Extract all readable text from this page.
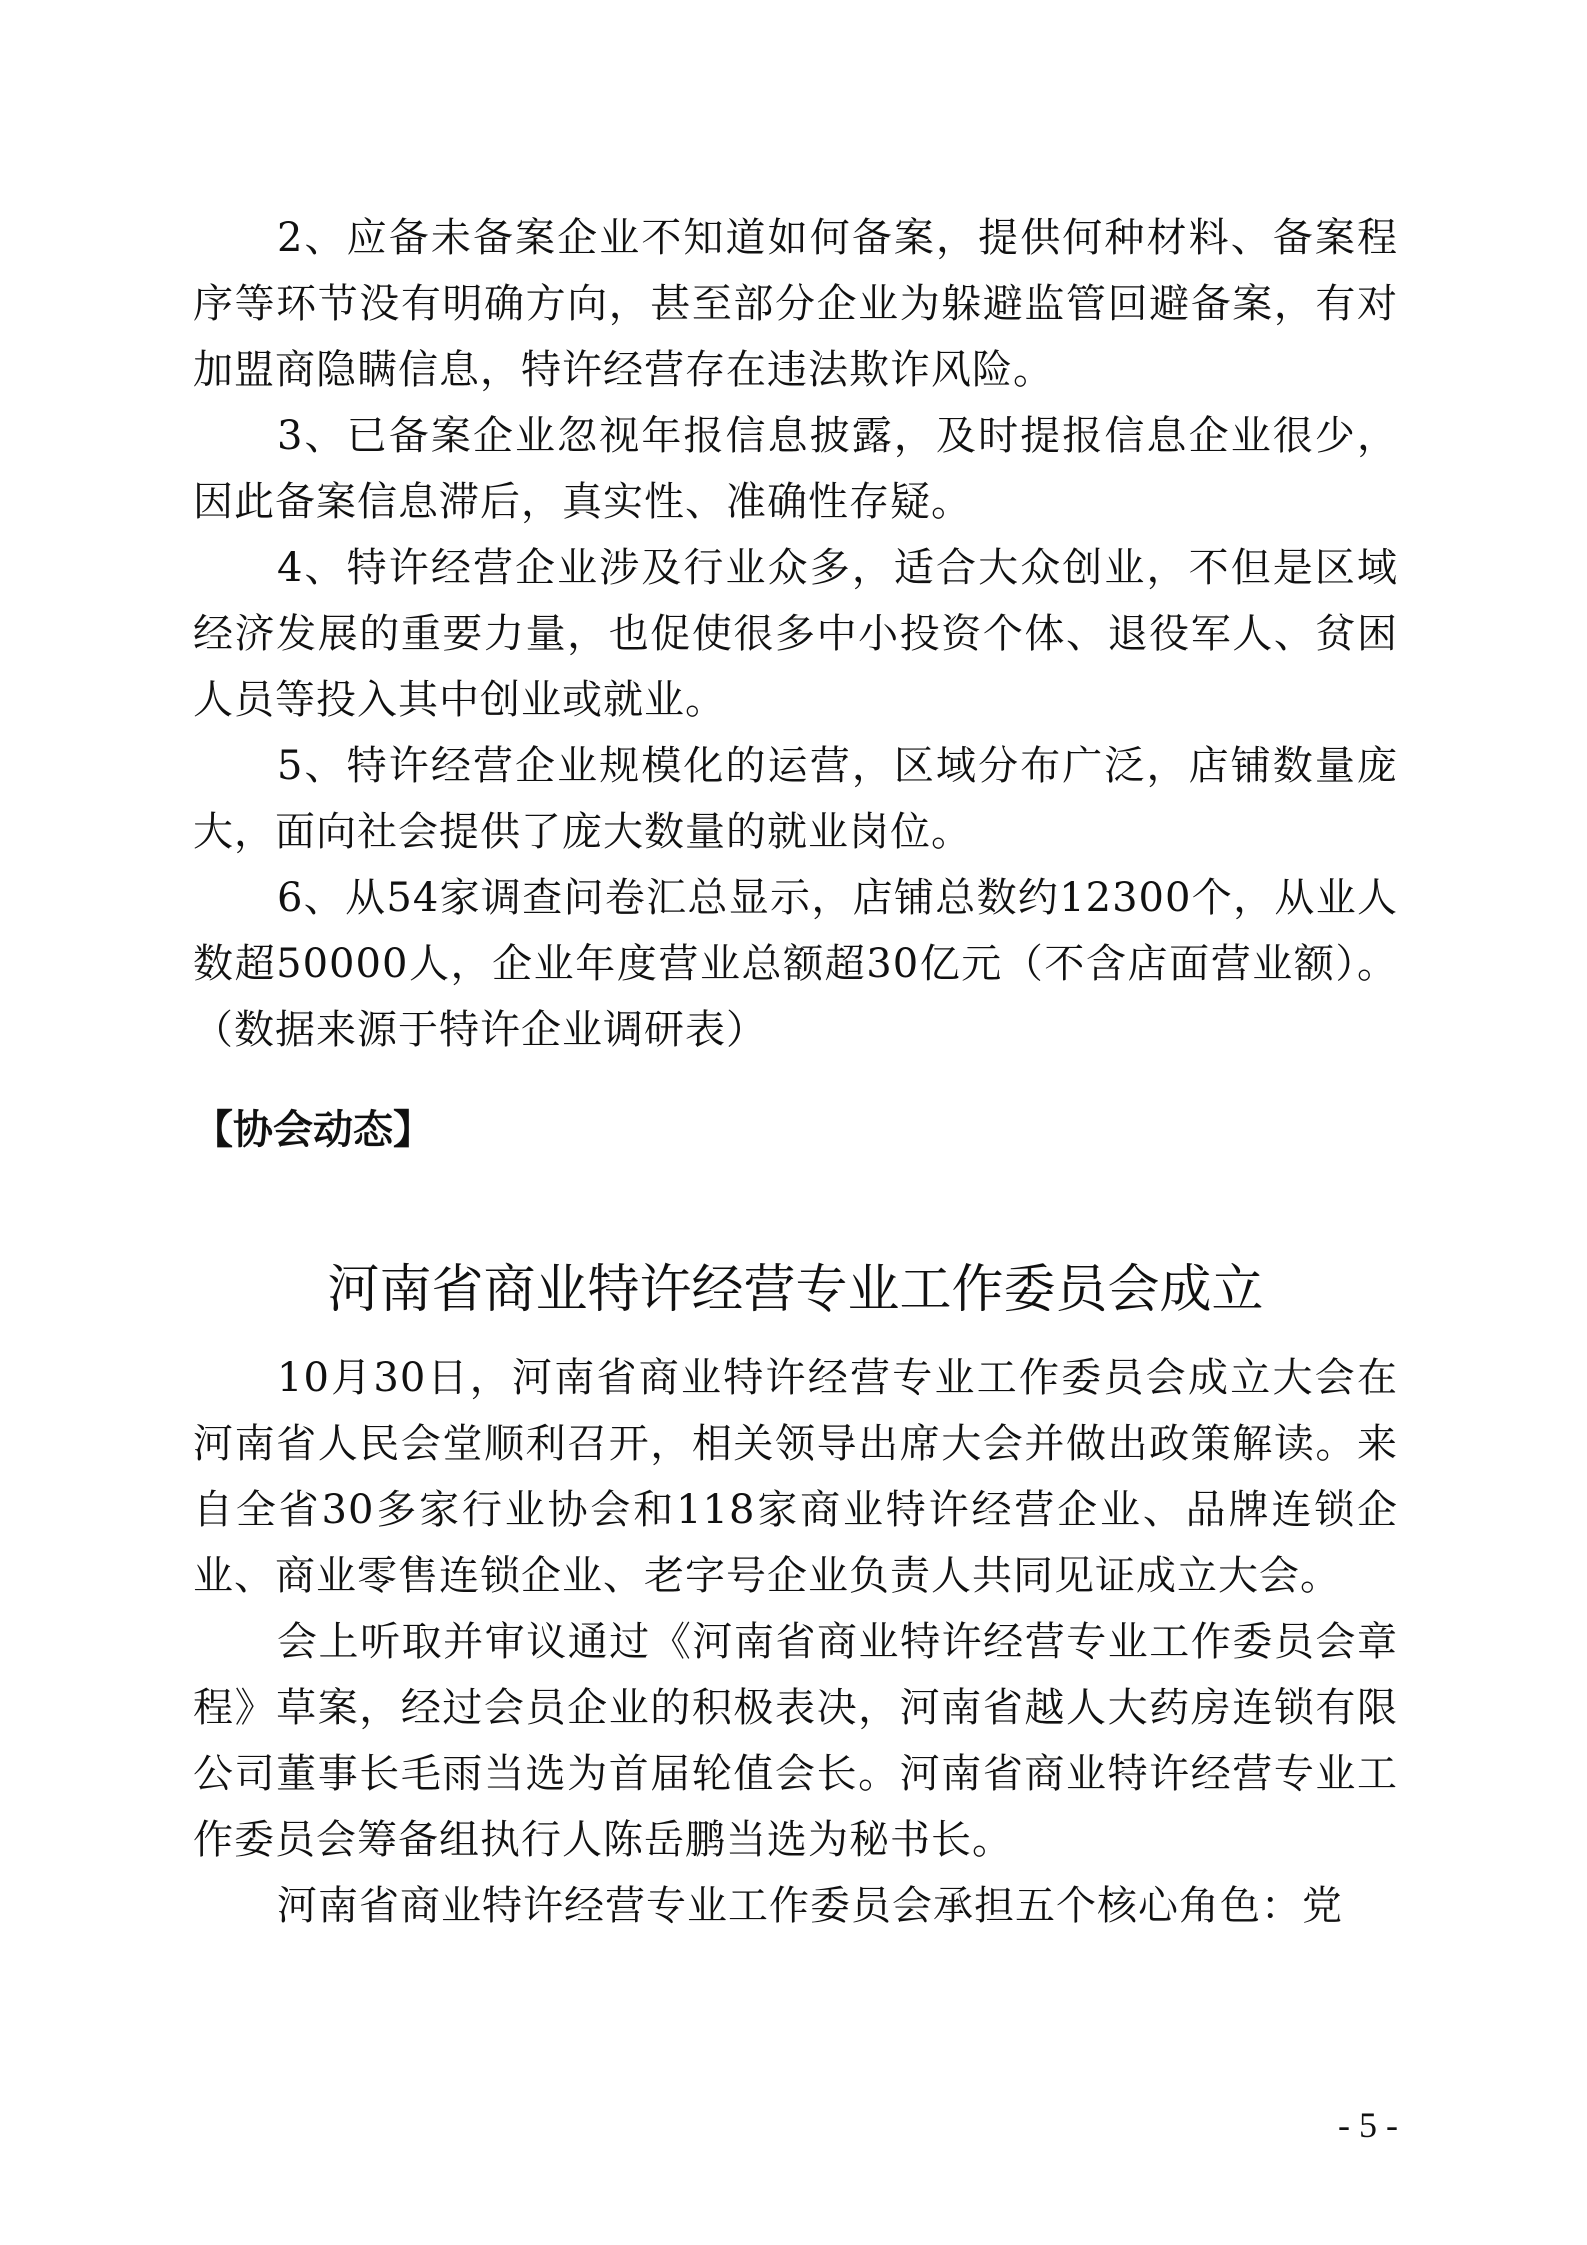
2、应备未备案企业不知道如何备案，提供何种材料、备案程序等环节没有明确方向，甚至部分企业为躲避监管回避备案，有对加盟商隐瞒信息，特许经营存在违法欺诈风险。

3、已备案企业忽视年报信息披露，及时提报信息企业很少，因此备案信息滞后，真实性、准确性存疑。

4、特许经营企业涉及行业众多，适合大众创业，不但是区域经济发展的重要力量，也促使很多中小投资个体、退役军人、贫困人员等投入其中创业或就业。

5、特许经营企业规模化的运营，区域分布广泛，店铺数量庞大，面向社会提供了庞大数量的就业岗位。

6、从54家调查问卷汇总显示，店铺总数约12300个，从业人数超50000人，企业年度营业总额超30亿元（不含店面营业额）。（数据来源于特许企业调研表）

【协会动态】
河南省商业特许经营专业工作委员会成立

10月30日，河南省商业特许经营专业工作委员会成立大会在河南省人民会堂顺利召开，相关领导出席大会并做出政策解读。来自全省30多家行业协会和118家商业特许经营企业、品牌连锁企业、商业零售连锁企业、老字号企业负责人共同见证成立大会。

会上听取并审议通过《河南省商业特许经营专业工作委员会章程》草案，经过会员企业的积极表决，河南省越人大药房连锁有限公司董事长毛雨当选为首届轮值会长。河南省商业特许经营专业工作委员会筹备组执行人陈岳鹏当选为秘书长。

河南省商业特许经营专业工作委员会承担五个核心角色：党

- 5 -
